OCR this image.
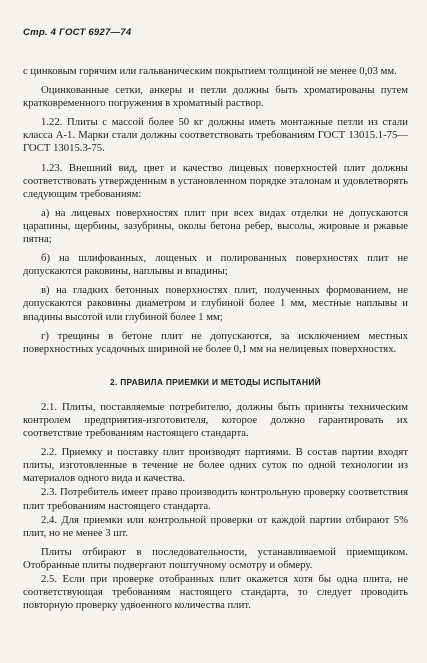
Стр. 4 ГОСТ 6927—74

с цинковым горячим или гальваническим покрытием толщиной не менее 0,03 мм.

Оцинкованные сетки, анкеры и петли должны быть хроматированы путем кратковременного погружения в хроматный раствор.

1.22. Плиты с массой более 50 кг должны иметь монтажные петли из стали класса А-1. Марки стали должны соответствовать требованиям ГОСТ 13015.1-75—ГОСТ 13015.3-75.

1.23. Внешний вид, цвет и качество лицевых поверхностей плит должны соответствовать утвержденным в установленном порядке эталонам и удовлетворять следующим требованиям:

а) на лицевых поверхностях плит при всех видах отделки не допускаются царапины, щербины, зазубрины, околы бетона ребер, высолы, жировые и ржавые пятна;

б) на шлифованных, лощеных и полированных поверхностях плит не допускаются раковины, наплывы и впадины;

в) на гладких бетонных поверхностях плит, полученных формованием, не допускаются раковины диаметром и глубиной более 1 мм, местные наплывы и впадины высотой или глубиной более 1 мм;

г) трещины в бетоне плит не допускаются, за исключением местных поверхностных усадочных шириной не более 0,1 мм на нелицевых поверхностях.

2. ПРАВИЛА ПРИЕМКИ И МЕТОДЫ ИСПЫТАНИЙ

2.1. Плиты, поставляемые потребителю, должны быть приняты техническим контролем предприятия-изготовителя, которое должно гарантировать их соответствие требованиям настоящего стандарта.

2.2. Приемку и поставку плит производят партиями. В состав партии входят плиты, изготовленные в течение не более одних суток по одной технологии из материалов одного вида и качества.

2.3. Потребитель имеет право производить контрольную проверку соответствия плит требованиям настоящего стандарта.

2.4. Для приемки или контрольной проверки от каждой партии отбирают 5% плит, но не менее 3 шт.

Плиты отбирают в последовательности, устанавливаемой приемщиком. Отобранные плиты подвергают поштучному осмотру и обмеру.

2.5. Если при проверке отобранных плит окажется хотя бы одна плита, не соответствующая требованиям настоящего стандарта, то следует проводить повторную проверку удвоенного количества плит.
